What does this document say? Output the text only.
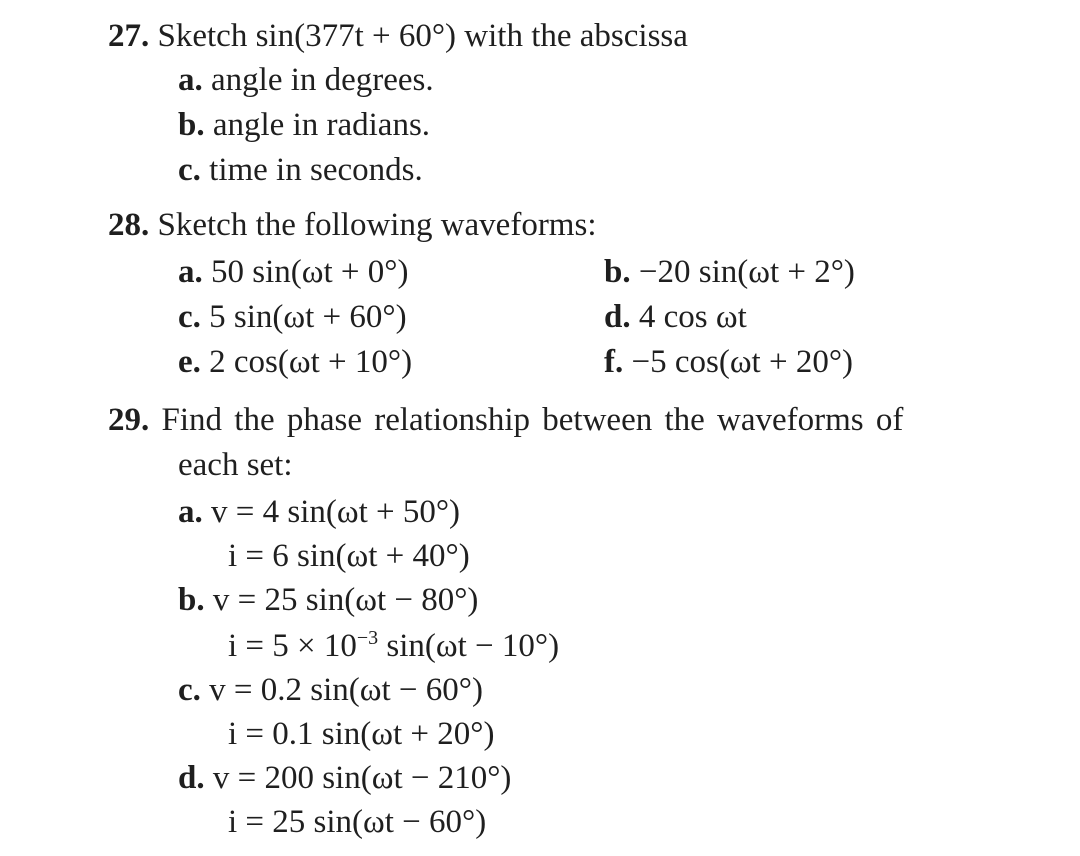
27. Sketch sin(377t + 60°) with the abscissa
a. angle in degrees.
b. angle in radians.
c. time in seconds.
28. Sketch the following waveforms:
a. 50 sin(ωt + 0°)	b. −20 sin(ωt + 2°)
c. 5 sin(ωt + 60°)	d. 4 cos ωt
e. 2 cos(ωt + 10°)	f. −5 cos(ωt + 20°)
29. Find the phase relationship between the waveforms of
each set:
a. v = 4 sin(ωt + 50°)
i = 6 sin(ωt + 40°)
b. v = 25 sin(ωt − 80°)
$i = 5 \times 10^{-3}$ sin(ωt − 10°)
c. v = 0.2 sin(ωt − 60°)
i = 0.1 sin(ωt + 20°)
d. v = 200 sin(ωt − 210°)
i = 25 sin(ωt − 60°)
